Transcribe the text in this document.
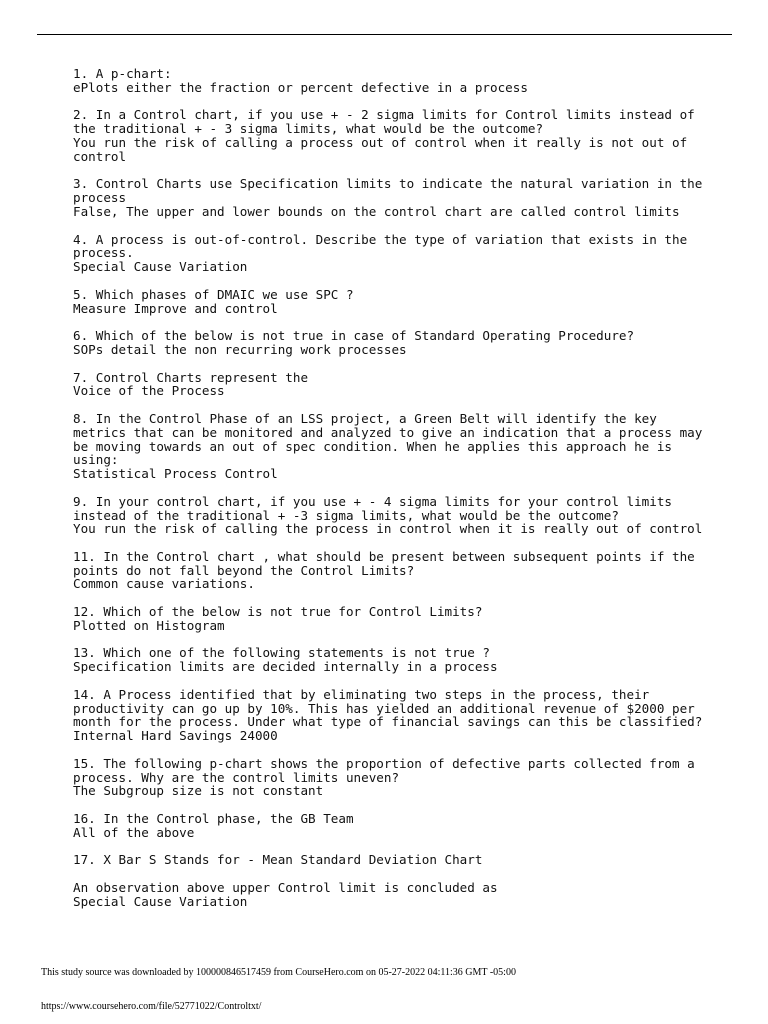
1. A p-chart:

ePlots either the fraction or percent defective in a process

2. In a Control chart, if you use + - 2 sigma limits for Control limits instead of the traditional + - 3 sigma limits, what would be the outcome?

You run the risk of calling a process out of control when it really is not out of control

3. Control Charts use Specification limits to indicate the natural variation in the process

False, The upper and lower bounds on the control chart are called control limits

4. A process is out-of-control. Describe the type of variation that exists in the process.

Special Cause Variation

5. Which phases of DMAIC we use SPC ?

Measure Improve and control

6. Which of the below is not true in case of Standard Operating Procedure?

SOPs detail the non recurring work processes

7. Control Charts represent the

Voice of the Process

8. In the Control Phase of an LSS project, a Green Belt will identify the key metrics that can be monitored and analyzed to give an indication that a process may be moving towards an out of spec condition. When he applies this approach he is using:

Statistical Process Control

9. In your control chart, if you use + - 4 sigma limits for your control limits instead of the traditional + -3 sigma limits, what would be the outcome?

You run the risk of calling the process in control when it is really out of control

11. In the Control chart , what should be present between subsequent points if the points do not fall beyond the Control Limits?

Common cause variations.

12. Which of the below is not true for Control Limits?

Plotted on Histogram

13. Which one of the following statements is not true ?

Specification limits are decided internally in a process

14. A Process identified that by eliminating two steps in the process, their productivity can go up by 10%. This has yielded an additional revenue of $2000 per month for the process. Under what type of financial savings can this be classified?

Internal Hard Savings 24000

15. The following p-chart shows the proportion of defective parts collected from a process. Why are the control limits uneven?

The Subgroup size is not constant

16. In the Control phase, the GB Team

All of the above

17. X Bar S Stands for - Mean Standard Deviation Chart

An observation above upper Control limit is concluded as

Special Cause Variation

This study source was downloaded by 100000846517459 from CourseHero.com on 05-27-2022 04:11:36 GMT -05:00
https://www.coursehero.com/file/52771022/Controltxt/
